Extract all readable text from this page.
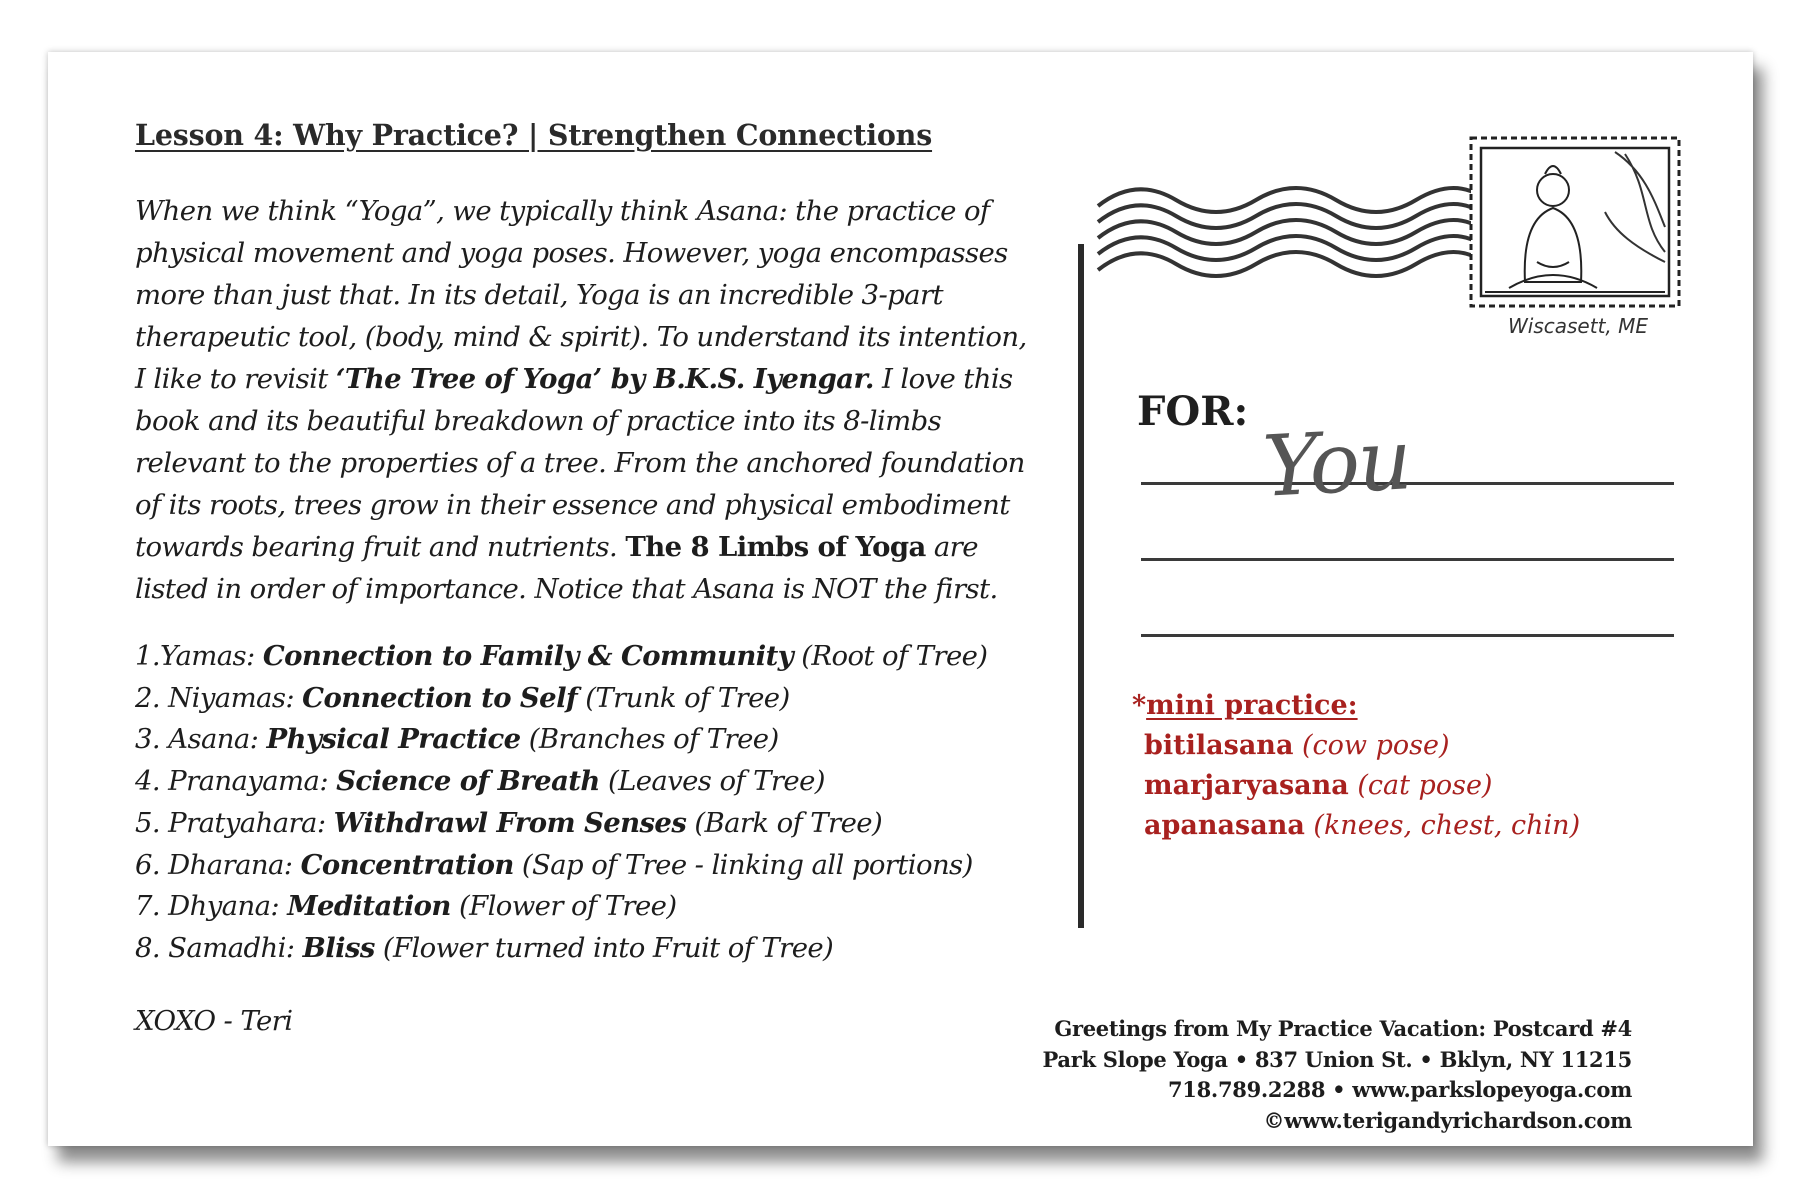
Lesson 4: Why Practice? | Strengthen Connections
When we think “Yoga”, we typically think Asana: the practice of
physical movement and yoga poses. However, yoga encompasses
more than just that. In its detail, Yoga is an incredible 3-part
therapeutic tool, (body, mind & spirit). To understand its intention,
I like to revisit ‘The Tree of Yoga’ by B.K.S. Iyengar. I love this
book and its beautiful breakdown of practice into its 8-limbs
relevant to the properties of a tree. From the anchored foundation
of its roots, trees grow in their essence and physical embodiment
towards bearing fruit and nutrients. The 8 Limbs of Yoga are
listed in order of importance. Notice that Asana is NOT the first.
1.Yamas: Connection to Family & Community (Root of Tree)
2. Niyamas: Connection to Self (Trunk of Tree)
3. Asana: Physical Practice (Branches of Tree)
4. Pranayama: Science of Breath (Leaves of Tree)
5. Pratyahara: Withdrawl From Senses (Bark of Tree)
6. Dharana: Concentration (Sap of Tree - linking all portions)
7. Dhyana: Meditation (Flower of Tree)
8. Samadhi: Bliss (Flower turned into Fruit of Tree)
XOXO - Teri
Wiscasett, ME
FOR: You
*mini practice:
bitilasana (cow pose)
marjaryasana (cat pose)
apanasana (knees, chest, chin)
Greetings from My Practice Vacation: Postcard #4
Park Slope Yoga • 837 Union St. • Bklyn, NY 11215
718.789.2288 • www.parkslopeyoga.com
©www.terigandyrichardson.com
